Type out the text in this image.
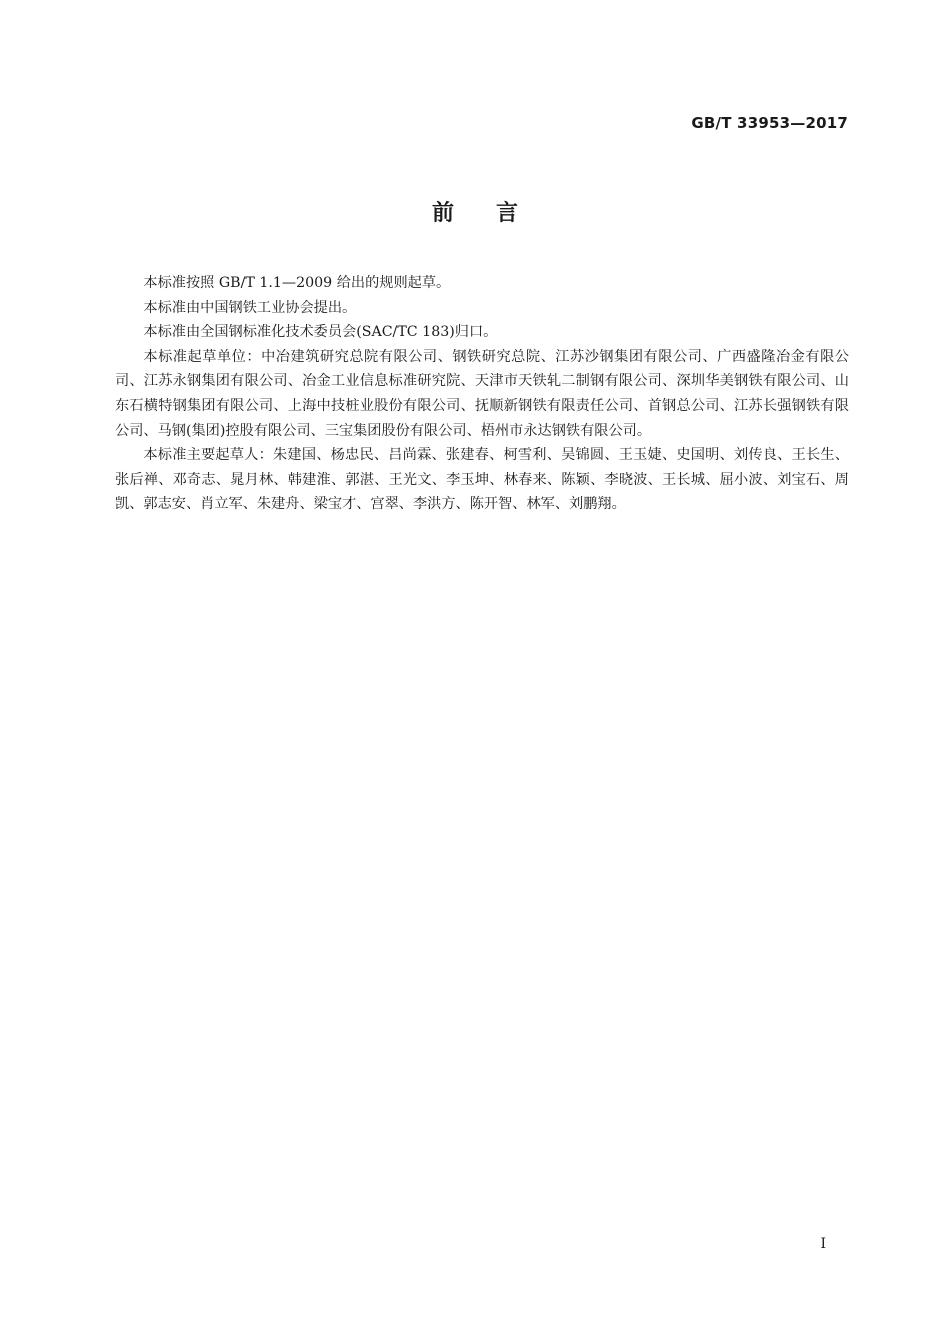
GB/T 33953—2017
前言

本标准按照 GB/T 1.1—2009 给出的规则起草。

本标准由中国钢铁工业协会提出。

本标准由全国钢标准化技术委员会(SAC/TC 183)归口。

本标准起草单位：中冶建筑研究总院有限公司、钢铁研究总院、江苏沙钢集团有限公司、广西盛隆冶金有限公司、江苏永钢集团有限公司、冶金工业信息标准研究院、天津市天铁轧二制钢有限公司、深圳华美钢铁有限公司、山东石横特钢集团有限公司、上海中技桩业股份有限公司、抚顺新钢铁有限责任公司、首钢总公司、江苏长强钢铁有限公司、马钢(集团)控股有限公司、三宝集团股份有限公司、梧州市永达钢铁有限公司。

本标准主要起草人：朱建国、杨忠民、吕尚霖、张建春、柯雪利、吴锦圆、王玉婕、史国明、刘传良、王长生、张后禅、邓奇志、晁月林、韩建淮、郭湛、王光文、李玉坤、林春来、陈颖、李晓波、王长城、屈小波、刘宝石、周凯、郭志安、肖立军、朱建舟、梁宝才、宫翠、李洪方、陈开智、林军、刘鹏翔。

I
